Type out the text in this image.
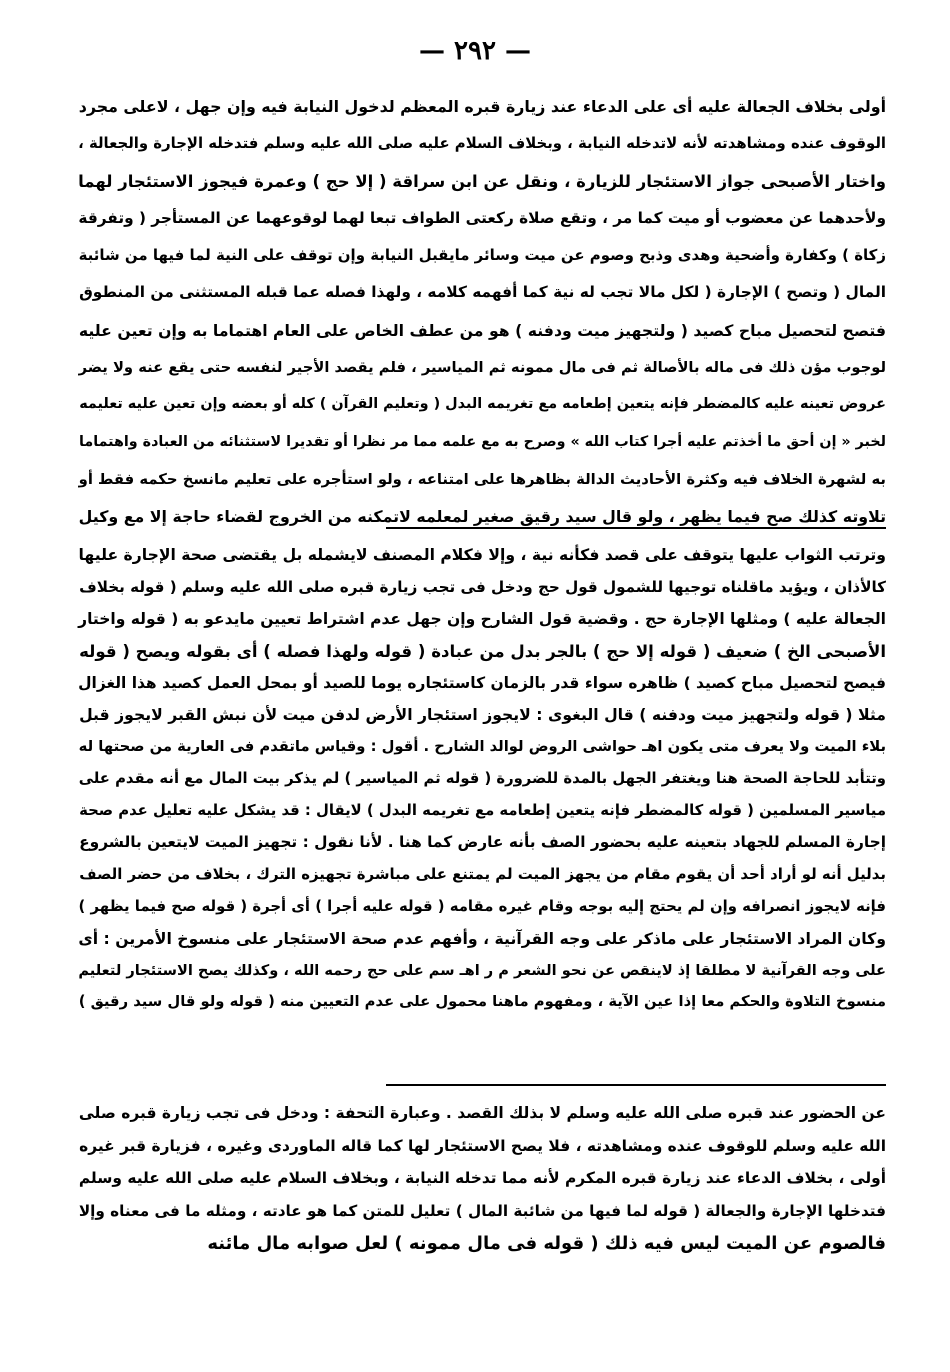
— ٢٩٢ —
أولى بخلاف الجعالة عليه أى على الدعاء عند زيارة قبره المعظم لدخول النيابة فيه وإن جهل ، لاعلى مجرد
الوقوف عنده ومشاهدته لأنه لاتدخله النيابة ، وبخلاف السلام عليه صلى الله عليه وسلم فتدخله الإجارة والجعالة ،
واختار الأصبحى جواز الاستئجار للزيارة ، ونقل عن ابن سراقة ( إلا حج ) وعمرة فيجوز الاستئجار لهما
ولأحدهما عن معضوب أو ميت كما مر ، وتقع صلاة ركعتى الطواف تبعا لهما لوقوعهما عن المستأجر ( وتفرقة
زكاة ) وكفارة وأضحية وهدى وذبح وصوم عن ميت وسائر مايقبل النيابة وإن توقف على النية لما فيها من شائبة
المال ( وتصح ) الإجارة ( لكل مالا تجب له نية كما أفهمه كلامه ، ولهذا فصله عما قبله المستثنى من المنطوق
فتصح لتحصيل مباح كصيد ( ولتجهيز ميت ودفنه ) هو من عطف الخاص على العام اهتماما به وإن تعين عليه
لوجوب مؤن ذلك فى ماله بالأصالة ثم فى مال ممونه ثم المياسير ، فلم يقصد الأجير لنفسه حتى يقع عنه ولا يضر
عروض تعينه عليه كالمضطر فإنه يتعين إطعامه مع تغريمه البدل ( وتعليم القرآن ) كله أو بعضه وإن تعين عليه تعليمه
لخبر « إن أحق ما أخذتم عليه أجرا كتاب الله » وصرح به مع علمه مما مر نظرا أو تقديرا لاستثنائه من العبادة واهتماما
به لشهرة الخلاف فيه وكثرة الأحاديث الدالة بظاهرها على امتناعه ، ولو استأجره على تعليم مانسخ حكمه فقط أو
تلاوته كذلك صح فيما يظهر ، ولو قال سيد رقيق صغير لمعلمه لاتمكنه من الخروج لقضاء حاجة إلا مع وكيل
وترتب الثواب عليها يتوقف على قصد فكأنه نية ، وإلا فكلام المصنف لايشمله بل يقتضى صحة الإجارة عليها
كالأذان ، ويؤيد ماقلناه توجيها للشمول قول حج ودخل فى تجب زيارة قبره صلى الله عليه وسلم ( قوله بخلاف
الجعالة عليه ) ومثلها الإجارة حج . وقضية قول الشارح وإن جهل عدم اشتراط تعيين مايدعو به ( قوله واختار
الأصبحى الخ ) ضعيف ( قوله إلا حج ) بالجر بدل من عبادة ( قوله ولهذا فصله ) أى بقوله ويصح ( قوله
فيصح لتحصيل مباح كصيد ) ظاهره سواء قدر بالزمان كاستئجاره يوما للصيد أو بمحل العمل كصيد هذا الغزال
مثلا ( قوله ولتجهيز ميت ودفنه ) قال البغوى : لايجوز استئجار الأرض لدفن ميت لأن نبش القبر لايجوز قبل
بلاء الميت ولا يعرف متى يكون اهـ حواشى الروض لوالد الشارح . أقول : وقياس ماتقدم فى العارية من صحتها له
وتتأبد للحاجة الصحة هنا ويغتفر الجهل بالمدة للضرورة ( قوله ثم المياسير ) لم يذكر بيت المال مع أنه مقدم على
مياسير المسلمين ( قوله كالمضطر فإنه يتعين إطعامه مع تغريمه البدل ) لايقال : قد يشكل عليه تعليل عدم صحة
إجارة المسلم للجهاد بتعينه عليه بحضور الصف بأنه عارض كما هنا . لأنا نقول : تجهيز الميت لايتعين بالشروع
بدليل أنه لو أراد أحد أن يقوم مقام من يجهز الميت لم يمتنع على مباشرة تجهيزه الترك ، بخلاف من حضر الصف
فإنه لايجوز انصرافه وإن لم يحتج إليه بوجه وقام غيره مقامه ( قوله عليه أجرا ) أى أجرة ( قوله صح فيما يظهر )
وكان المراد الاستئجار على ماذكر على وجه القرآنية ، وأفهم عدم صحة الاستئجار على منسوخ الأمرين : أى
على وجه القرآنية لا مطلقا إذ لاينقص عن نحو الشعر م ر اهـ سم على حج رحمه الله ، وكذلك يصح الاستئجار لتعليم
منسوخ التلاوة والحكم معا إذا عين الآية ، ومفهوم ماهنا محمول على عدم التعيين منه ( قوله ولو قال سيد رقيق )
عن الحضور عند قبره صلى الله عليه وسلم لا بذلك القصد . وعبارة التحفة : ودخل فى تجب زيارة قبره صلى
الله عليه وسلم للوقوف عنده ومشاهدته ، فلا يصح الاستئجار لها كما قاله الماوردى وغيره ، فزيارة قبر غيره
أولى ، بخلاف الدعاء عند زيارة قبره المكرم لأنه مما تدخله النيابة ، وبخلاف السلام عليه صلى الله عليه وسلم
فتدخلها الإجارة والجعالة ( قوله لما فيها من شائبة المال ) تعليل للمتن كما هو عادته ، ومثله ما فى معناه وإلا
فالصوم عن الميت ليس فيه ذلك ( قوله فى مال ممونه ) لعل صوابه مال مائنه
